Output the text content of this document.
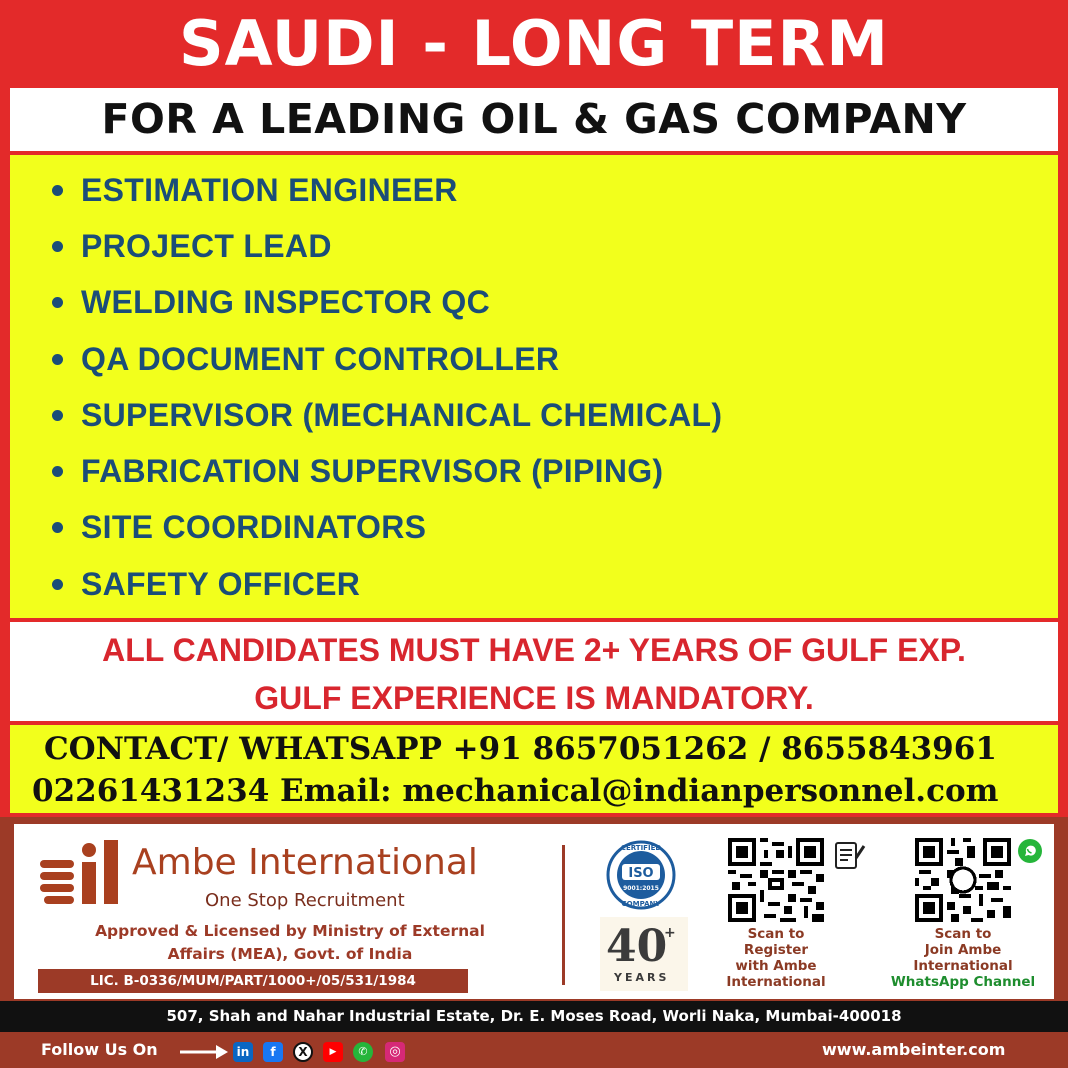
SAUDI - LONG TERM
FOR A LEADING OIL & GAS COMPANY
ESTIMATION ENGINEER
PROJECT LEAD
WELDING INSPECTOR QC
QA DOCUMENT CONTROLLER
SUPERVISOR (MECHANICAL CHEMICAL)
FABRICATION SUPERVISOR (PIPING)
SITE COORDINATORS
SAFETY OFFICER
ALL CANDIDATES MUST HAVE 2+ YEARS OF GULF EXP.
GULF EXPERIENCE IS MANDATORY.
CONTACT/ WHATSAPP +91 8657051262 / 8655843961
02261431234 Email: mechanical@indianpersonnel.com
Ambe International
One Stop Recruitment
Approved & Licensed by Ministry of External
Affairs (MEA), Govt. of India
LIC. B-0336/MUM/PART/1000+/05/531/1984
ISO
9001:2015
CERTIFIED
COMPANY
40
+
YEARS
Scan to
Register
with Ambe
International
Scan to
Join Ambe
International
WhatsApp Channel
507, Shah and Nahar Industrial Estate, Dr. E. Moses Road, Worli Naka, Mumbai-400018
Follow Us On	in	f	X	▶	✆	◎	www.ambeinter.com
